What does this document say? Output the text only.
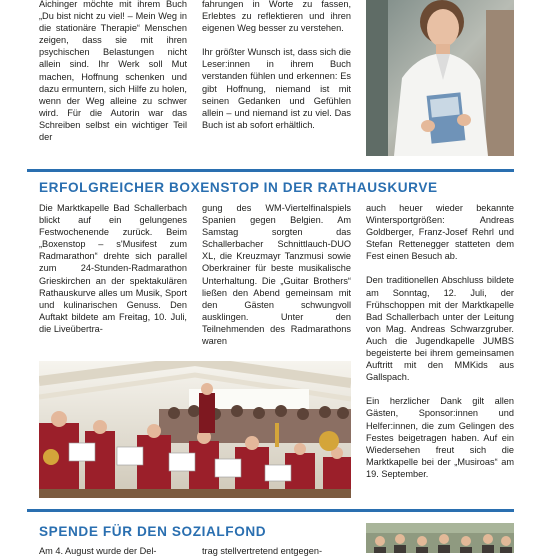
Aichinger möchte mit ihrem Buch „Du bist nicht zu viel! – Mein Weg in die stationäre Therapie“ Menschen zeigen, dass sie mit ihren psychischen Belastungen nicht allein sind. Ihr Werk soll Mut machen, Hoffnung schenken und dazu ermuntern, sich Hilfe zu holen, wenn der Weg alleine zu schwer wird. Für die Autorin war das Schreiben selbst ein wichtiger Teil der

fahrungen in Worte zu fassen, Erlebtes zu reflektieren und ihren eigenen Weg besser zu verstehen.

Ihr größter Wunsch ist, dass sich die Leser:innen in ihrem Buch verstanden fühlen und erkennen: Es gibt Hoffnung, niemand ist mit seinen Gedanken und Gefühlen allein – und niemand ist zu viel. Das Buch ist ab sofort erhältlich.

ERFOLGREICHER BOXENSTOP IN DER RATHAUSKURVE

Die Marktkapelle Bad Schallerbach blickt auf ein gelungenes Festwochenende zurück. Beim „Boxenstop – s'Musifest zum Radmarathon“ drehte sich parallel zum 24-Stunden-Radmarathon Grieskirchen an der spektakulären Rathauskurve alles um Musik, Sport und kulinarischen Genuss. Den Auftakt bildete am Freitag, 10. Juli, die Liveübertra-

gung des WM-Viertelfinalspiels Spanien gegen Belgien. Am Samstag sorgten das Schallerbacher Schnittlauch-DUO XL, die Kreuzmayr Tanzmusi sowie Oberkrainer für beste musikalische Unterhaltung. Die „Guitar Brothers“ ließen den Abend gemeinsam mit den Gästen schwungvoll ausklingen. Unter den Teilnehmenden des Radmarathons waren

auch heuer wieder bekannte Wintersportgrößen: Andreas Goldberger, Franz-Josef Rehrl und Stefan Rettenegger statteten dem Fest einen Besuch ab.

Den traditionellen Abschluss bildete am Sonntag, 12. Juli, der Frühschoppen mit der Marktkapelle Bad Schallerbach unter der Leitung von Mag. Andreas Schwarzgruber. Auch die Jugendkapelle JUMBS begeisterte bei ihrem gemeinsamen Auftritt mit den MMKids aus Gallspach.

Ein herzlicher Dank gilt allen Gästen, Sponsor:innen und Helfer:innen, die zum Gelingen des Festes beigetragen haben. Auf ein Wiedersehen freut sich die Marktkapelle bei der „Musiroas“ am 19. September.

SPENDE FÜR DEN SOZIALFOND

Am 4. August wurde der Del-	trag stellvertretend entgegen-
